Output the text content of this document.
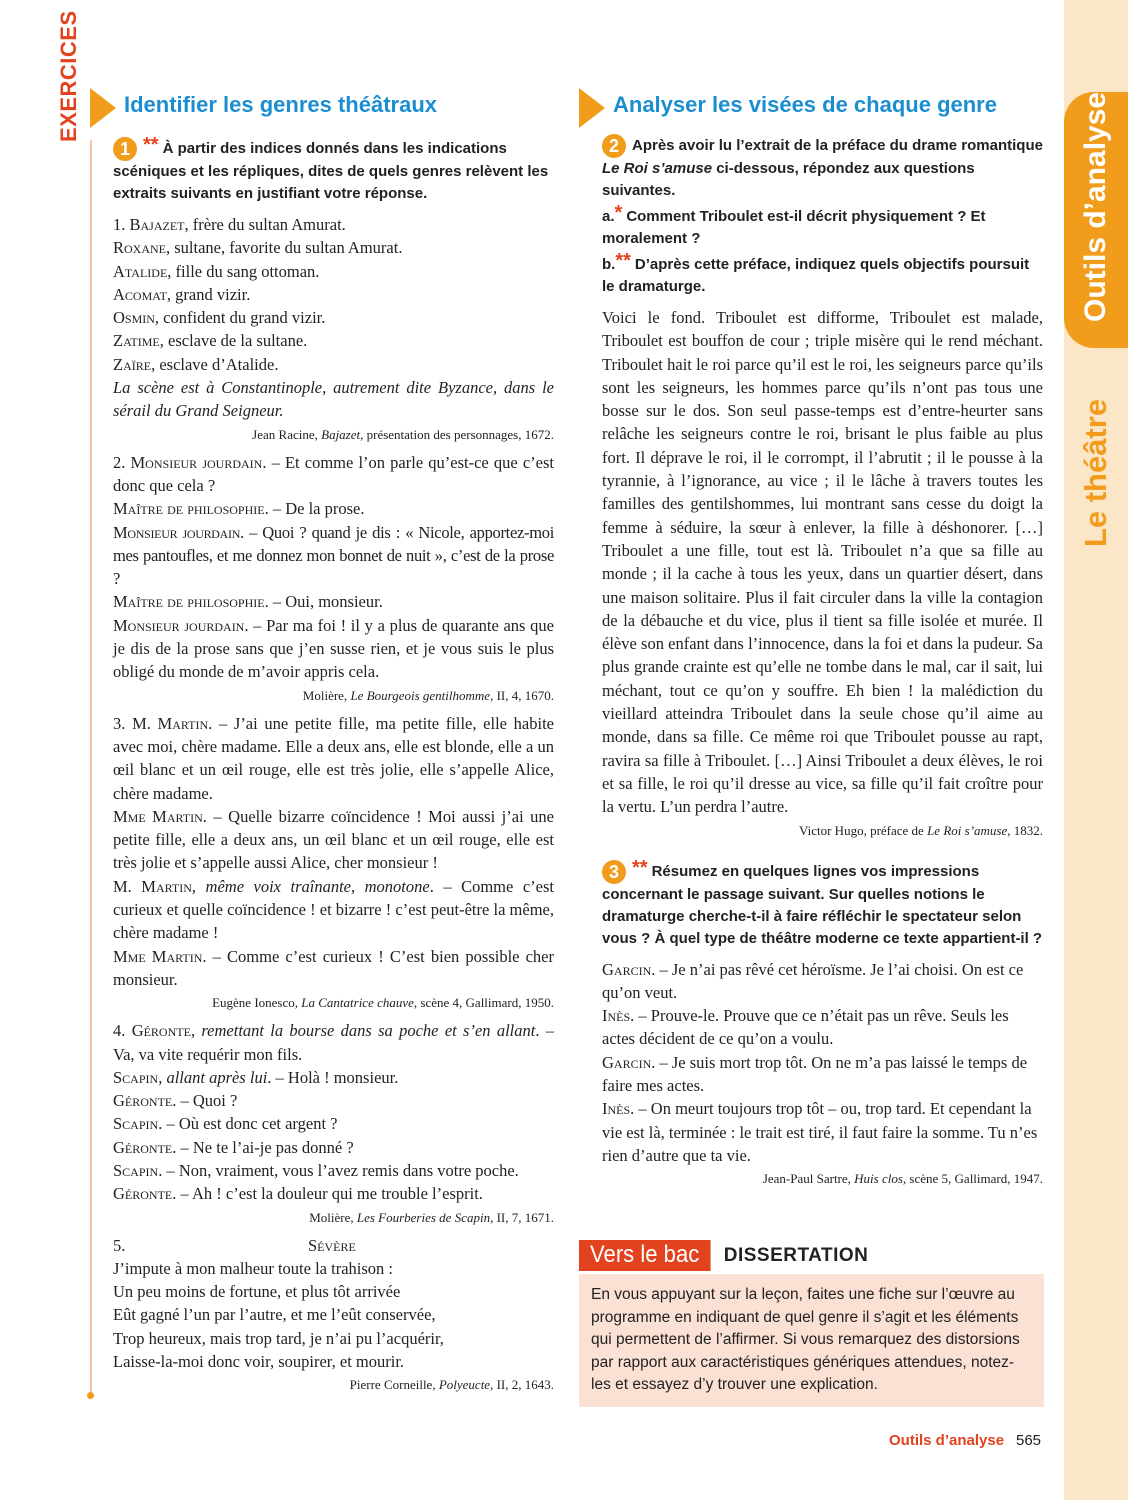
Outils d’analyse
Le théâtre
EXERCICES Identifier les genres théâtraux
1 ** À partir des indices donnés dans les indications scéniques et les répliques, dites de quels genres relèvent les extraits suivants en justifiant votre réponse.
1. Bajazet, frère du sultan Amurat.
Roxane, sultane, favorite du sultan Amurat.
Atalide, fille du sang ottoman.
Acomat, grand vizir.
Osmin, confident du grand vizir.
Zatime, esclave de la sultane.
Zaïre, esclave d’Atalide.
La scène est à Constantinople, autrement dite Byzance, dans le sérail du Grand Seigneur.
Jean Racine, Bajazet, présentation des personnages, 1672.
2. Monsieur jourdain. – Et comme l’on parle qu’est-ce que c’est donc que cela ?
Maître de philosophie. – De la prose.
Monsieur jourdain. – Quoi ? quand je dis : « Nicole, apportez-moi mes pantoufles, et me donnez mon bonnet de nuit », c’est de la prose ?
Maître de philosophie. – Oui, monsieur.
Monsieur jourdain. – Par ma foi ! il y a plus de quarante ans que je dis de la prose sans que j’en susse rien, et je vous suis le plus obligé du monde de m’avoir appris cela.
Molière, Le Bourgeois gentilhomme, II, 4, 1670.
3. M. Martin. – J’ai une petite fille, ma petite fille, elle habite avec moi, chère madame. Elle a deux ans, elle est blonde, elle a un œil blanc et un œil rouge, elle est très jolie, elle s’appelle Alice, chère madame.
Mme Martin. – Quelle bizarre coïncidence ! Moi aussi j’ai une petite fille, elle a deux ans, un œil blanc et un œil rouge, elle est très jolie et s’appelle aussi Alice, cher monsieur !
M. Martin, même voix traînante, monotone. – Comme c’est curieux et quelle coïncidence ! et bizarre ! c’est peut-être la même, chère madame !
Mme Martin. – Comme c’est curieux ! C’est bien possible cher monsieur.
Eugène Ionesco, La Cantatrice chauve, scène 4, Gallimard, 1950.
4. Géronte, remettant la bourse dans sa poche et s’en allant. – Va, va vite requérir mon fils.
Scapin, allant après lui. – Holà ! monsieur.
Géronte. – Quoi ?
Scapin. – Où est donc cet argent ?
Géronte. – Ne te l’ai-je pas donné ?
Scapin. – Non, vraiment, vous l’avez remis dans votre poche.
Géronte. – Ah ! c’est la douleur qui me trouble l’esprit.
Molière, Les Fourberies de Scapin, II, 7, 1671.
5.	Sévère
J’impute à mon malheur toute la trahison :
Un peu moins de fortune, et plus tôt arrivée
Eût gagné l’un par l’autre, et me l’eût conservée,
Trop heureux, mais trop tard, je n’ai pu l’acquérir,
Laisse-la-moi donc voir, soupirer, et mourir.
Pierre Corneille, Polyeucte, II, 2, 1643.
Analyser les visées de chaque genre
2 Après avoir lu l’extrait de la préface du drame romantique Le Roi s’amuse ci-dessous, répondez aux questions suivantes.
a.* Comment Triboulet est-il décrit physiquement ? Et moralement ?
b.** D’après cette préface, indiquez quels objectifs poursuit le dramaturge.
Voici le fond. Triboulet est difforme, Triboulet est malade, Triboulet est bouffon de cour ; triple misère qui le rend méchant. Triboulet hait le roi parce qu’il est le roi, les seigneurs parce qu’ils sont les seigneurs, les hommes parce qu’ils n’ont pas tous une bosse sur le dos. Son seul passe-temps est d’entre-heurter sans relâche les seigneurs contre le roi, brisant le plus faible au plus fort. Il déprave le roi, il le corrompt, il l’abrutit ; il le pousse à la tyrannie, à l’ignorance, au vice ; il le lâche à travers toutes les familles des gentilshommes, lui montrant sans cesse du doigt la femme à séduire, la sœur à enlever, la fille à déshonorer. […] Triboulet a une fille, tout est là. Triboulet n’a que sa fille au monde ; il la cache à tous les yeux, dans un quartier désert, dans une maison solitaire. Plus il fait circuler dans la ville la contagion de la débauche et du vice, plus il tient sa fille isolée et murée. Il élève son enfant dans l’innocence, dans la foi et dans la pudeur. Sa plus grande crainte est qu’elle ne tombe dans le mal, car il sait, lui méchant, tout ce qu’on y souffre. Eh bien ! la malédiction du vieillard atteindra Triboulet dans la seule chose qu’il aime au monde, dans sa fille. Ce même roi que Triboulet pousse au rapt, ravira sa fille à Triboulet. […] Ainsi Triboulet a deux élèves, le roi et sa fille, le roi qu’il dresse au vice, sa fille qu’il fait croître pour la vertu. L’un perdra l’autre.
Victor Hugo, préface de Le Roi s’amuse, 1832.
3 ** Résumez en quelques lignes vos impressions concernant le passage suivant. Sur quelles notions le dramaturge cherche-t-il à faire réfléchir le spectateur selon vous ? À quel type de théâtre moderne ce texte appartient-il ?
Garcin. – Je n’ai pas rêvé cet héroïsme. Je l’ai choisi. On est ce qu’on veut.
Inès. – Prouve-le. Prouve que ce n’était pas un rêve. Seuls les actes décident de ce qu’on a voulu.
Garcin. – Je suis mort trop tôt. On ne m’a pas laissé le temps de faire mes actes.
Inès. – On meurt toujours trop tôt – ou, trop tard. Et cependant la vie est là, terminée : le trait est tiré, il faut faire la somme. Tu n’es rien d’autre que ta vie.
Jean-Paul Sartre, Huis clos, scène 5, Gallimard, 1947.
Vers le bac DISSERTATION
En vous appuyant sur la leçon, faites une fiche sur l’œuvre au programme en indiquant de quel genre il s’agit et les éléments qui permettent de l’affirmer. Si vous remarquez des distorsions par rapport aux caractéristiques génériques attendues, notez-les et essayez d’y trouver une explication.
Outils d’analyse 565
